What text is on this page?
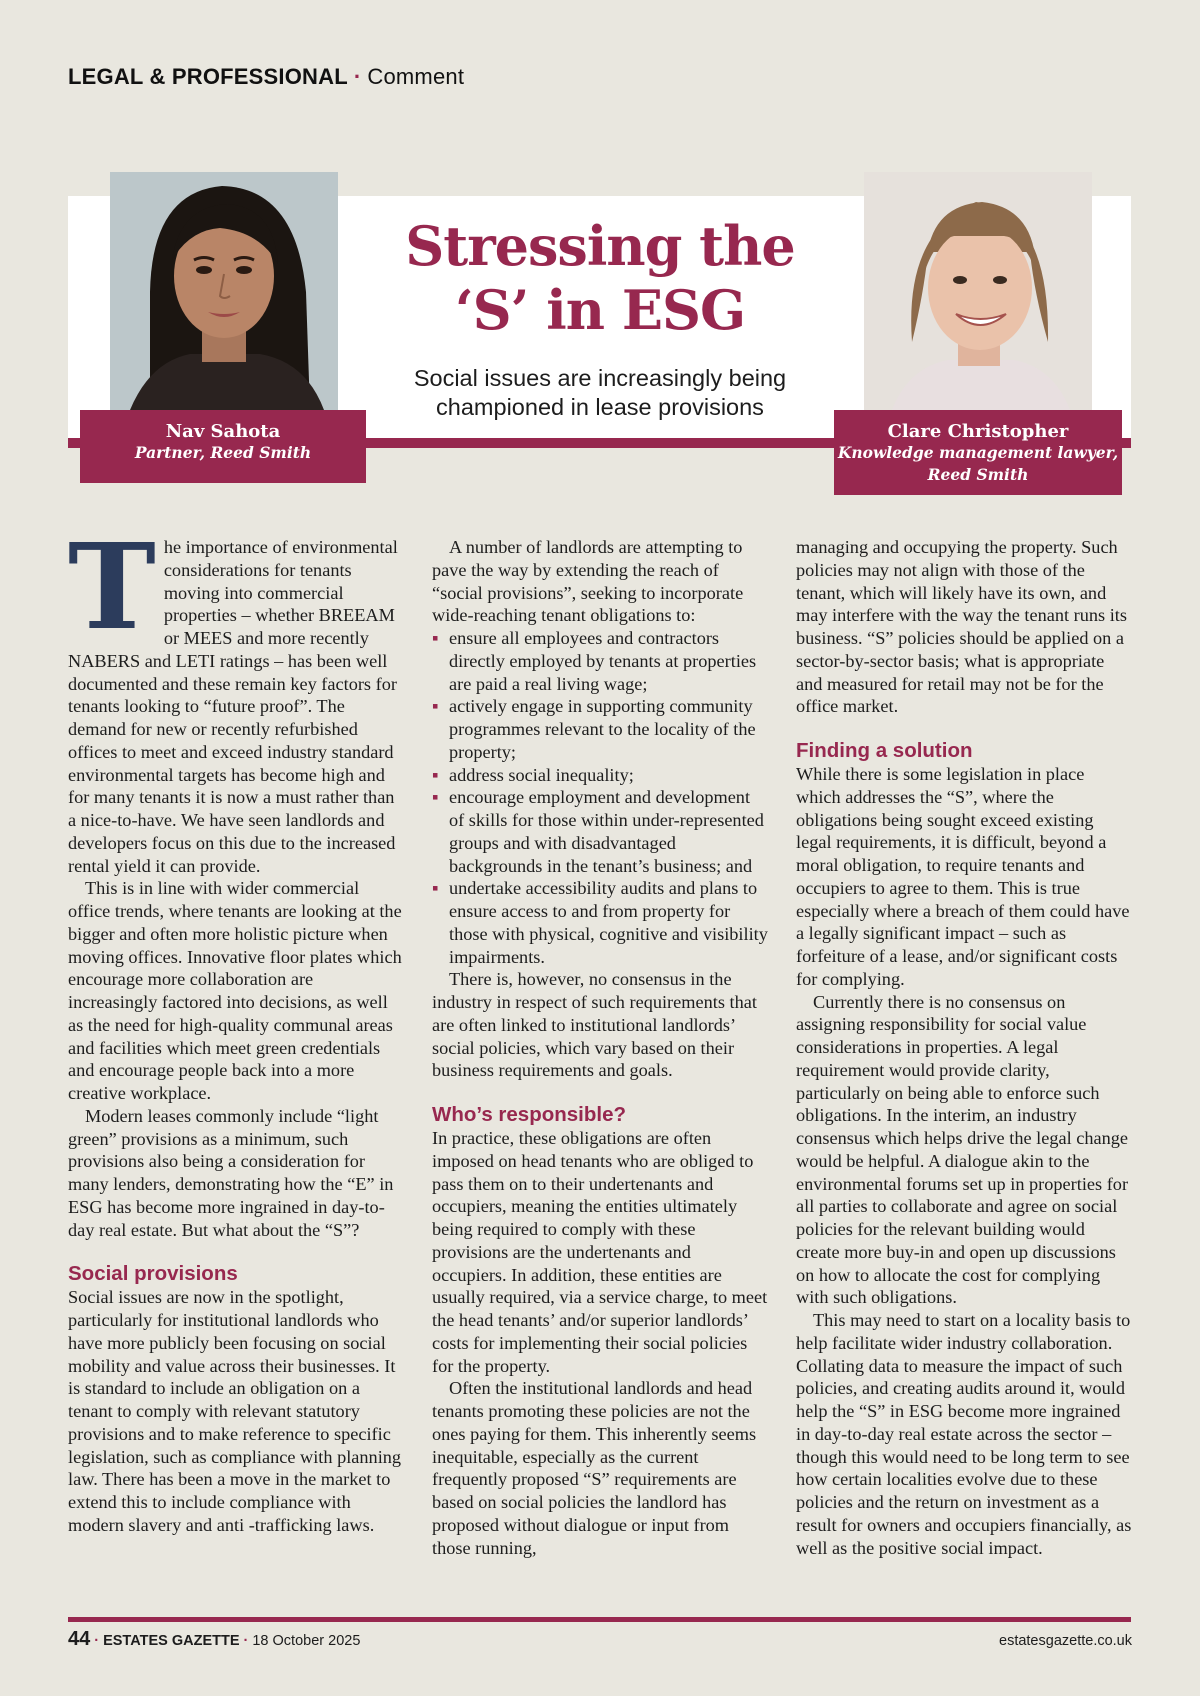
LEGAL & PROFESSIONAL · Comment
Nav Sahota
Partner, Reed Smith
Clare Christopher
Knowledge management lawyer,
Reed Smith
Stressing the
‘S’ in ESG
Social issues are increasingly being championed in lease provisions

The importance of environmental considerations for tenants moving into commercial properties – whether BREEAM or MEES and more recently NABERS and LETI ratings – has been well documented and these remain key factors for tenants looking to “future proof”. The demand for new or recently refurbished offices to meet and exceed industry standard environmental targets has become high and for many tenants it is now a must rather than a nice-to-have. We have seen landlords and developers focus on this due to the increased rental yield it can provide.

This is in line with wider commercial office trends, where tenants are looking at the bigger and often more holistic picture when moving offices. Innovative floor plates which encourage more collaboration are increasingly factored into decisions, as well as the need for high-quality communal areas and facilities which meet green credentials and encourage people back into a more creative workplace.

Modern leases commonly include “light green” provisions as a minimum, such provisions also being a consideration for many lenders, demonstrating how the “E” in ESG has become more ingrained in day-to-day real estate. But what about the “S”?

Social provisions

Social issues are now in the spotlight, particularly for institutional landlords who have more publicly been focusing on social mobility and value across their businesses. It is standard to include an obligation on a tenant to comply with relevant statutory provisions and to make reference to specific legislation, such as compliance with planning law. There has been a move in the market to extend this to include compliance with modern slavery and anti -trafficking laws.

A number of landlords are attempting to pave the way by extending the reach of “social provisions”, seeking to incorporate wide-reaching tenant obligations to:

▪ ensure all employees and contractors directly employed by tenants at properties are paid a real living wage;
▪ actively engage in supporting community programmes relevant to the locality of the property;
▪ address social inequality;
▪ encourage employment and development of skills for those within under-represented groups and with disadvantaged backgrounds in the tenant’s business; and
▪ undertake accessibility audits and plans to ensure access to and from property for those with physical, cognitive and visibility impairments.

There is, however, no consensus in the industry in respect of such requirements that are often linked to institutional landlords’ social policies, which vary based on their business requirements and goals.

Who’s responsible?

In practice, these obligations are often imposed on head tenants who are obliged to pass them on to their undertenants and occupiers, meaning the entities ultimately being required to comply with these provisions are the undertenants and occupiers. In addition, these entities are usually required, via a service charge, to meet the head tenants’ and/or superior landlords’ costs for implementing their social policies for the property.

Often the institutional landlords and head tenants promoting these policies are not the ones paying for them. This inherently seems inequitable, especially as the current frequently proposed “S” requirements are based on social policies the landlord has proposed without dialogue or input from those running,

managing and occupying the property. Such policies may not align with those of the tenant, which will likely have its own, and may interfere with the way the tenant runs its business. “S” policies should be applied on a sector-by-sector basis; what is appropriate and measured for retail may not be for the office market.

Finding a solution

While there is some legislation in place which addresses the “S”, where the obligations being sought exceed existing legal requirements, it is difficult, beyond a moral obligation, to require tenants and occupiers to agree to them. This is true especially where a breach of them could have a legally significant impact – such as forfeiture of a lease, and/or significant costs for complying.

Currently there is no consensus on assigning responsibility for social value considerations in properties. A legal requirement would provide clarity, particularly on being able to enforce such obligations. In the interim, an industry consensus which helps drive the legal change would be helpful. A dialogue akin to the environmental forums set up in properties for all parties to collaborate and agree on social policies for the relevant building would create more buy-in and open up discussions on how to allocate the cost for complying with such obligations.

This may need to start on a locality basis to help facilitate wider industry collaboration. Collating data to measure the impact of such policies, and creating audits around it, would help the “S” in ESG become more ingrained in day-to-day real estate across the sector – though this would need to be long term to see how certain localities evolve due to these policies and the return on investment as a result for owners and occupiers financially, as well as the positive social impact.

44 · ESTATES GAZETTE · 18 October 2025	estatesgazette.co.uk
